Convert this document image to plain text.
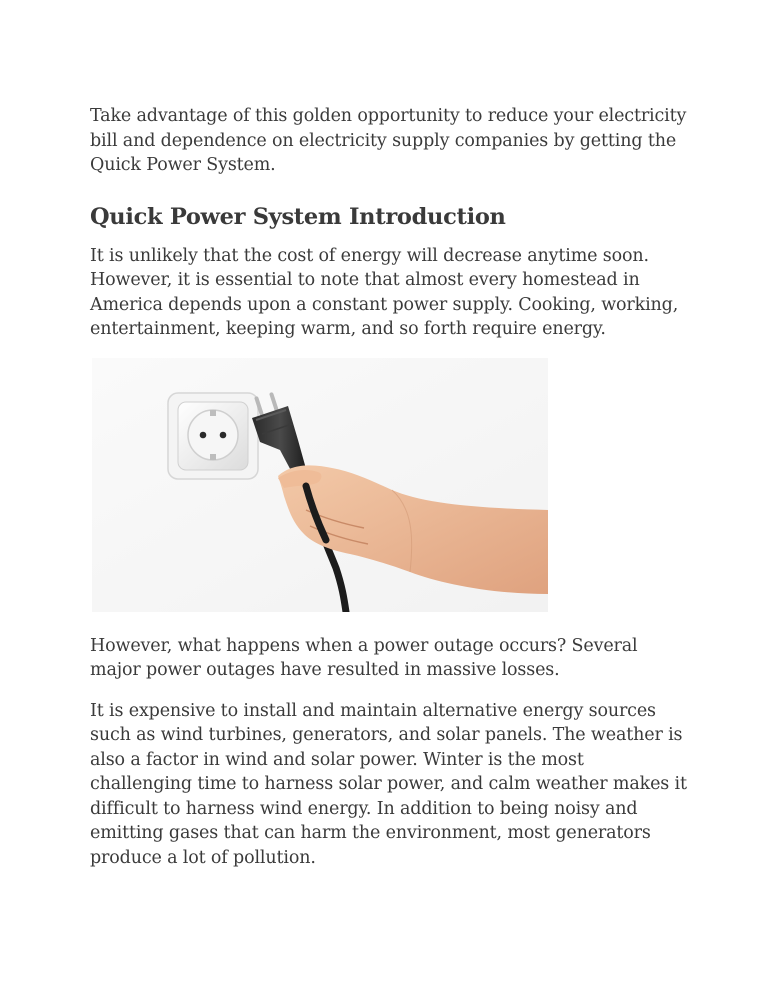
Take advantage of this golden opportunity to reduce your electricity bill and dependence on electricity supply companies by getting the Quick Power System.

Quick Power System Introduction

It is unlikely that the cost of energy will decrease anytime soon. However, it is essential to note that almost every homestead in America depends upon a constant power supply. Cooking, working, entertainment, keeping warm, and so forth require energy.

However, what happens when a power outage occurs? Several major power outages have resulted in massive losses.

It is expensive to install and maintain alternative energy sources such as wind turbines, generators, and solar panels. The weather is also a factor in wind and solar power. Winter is the most challenging time to harness solar power, and calm weather makes it difficult to harness wind energy. In addition to being noisy and emitting gases that can harm the environment, most generators produce a lot of pollution.
